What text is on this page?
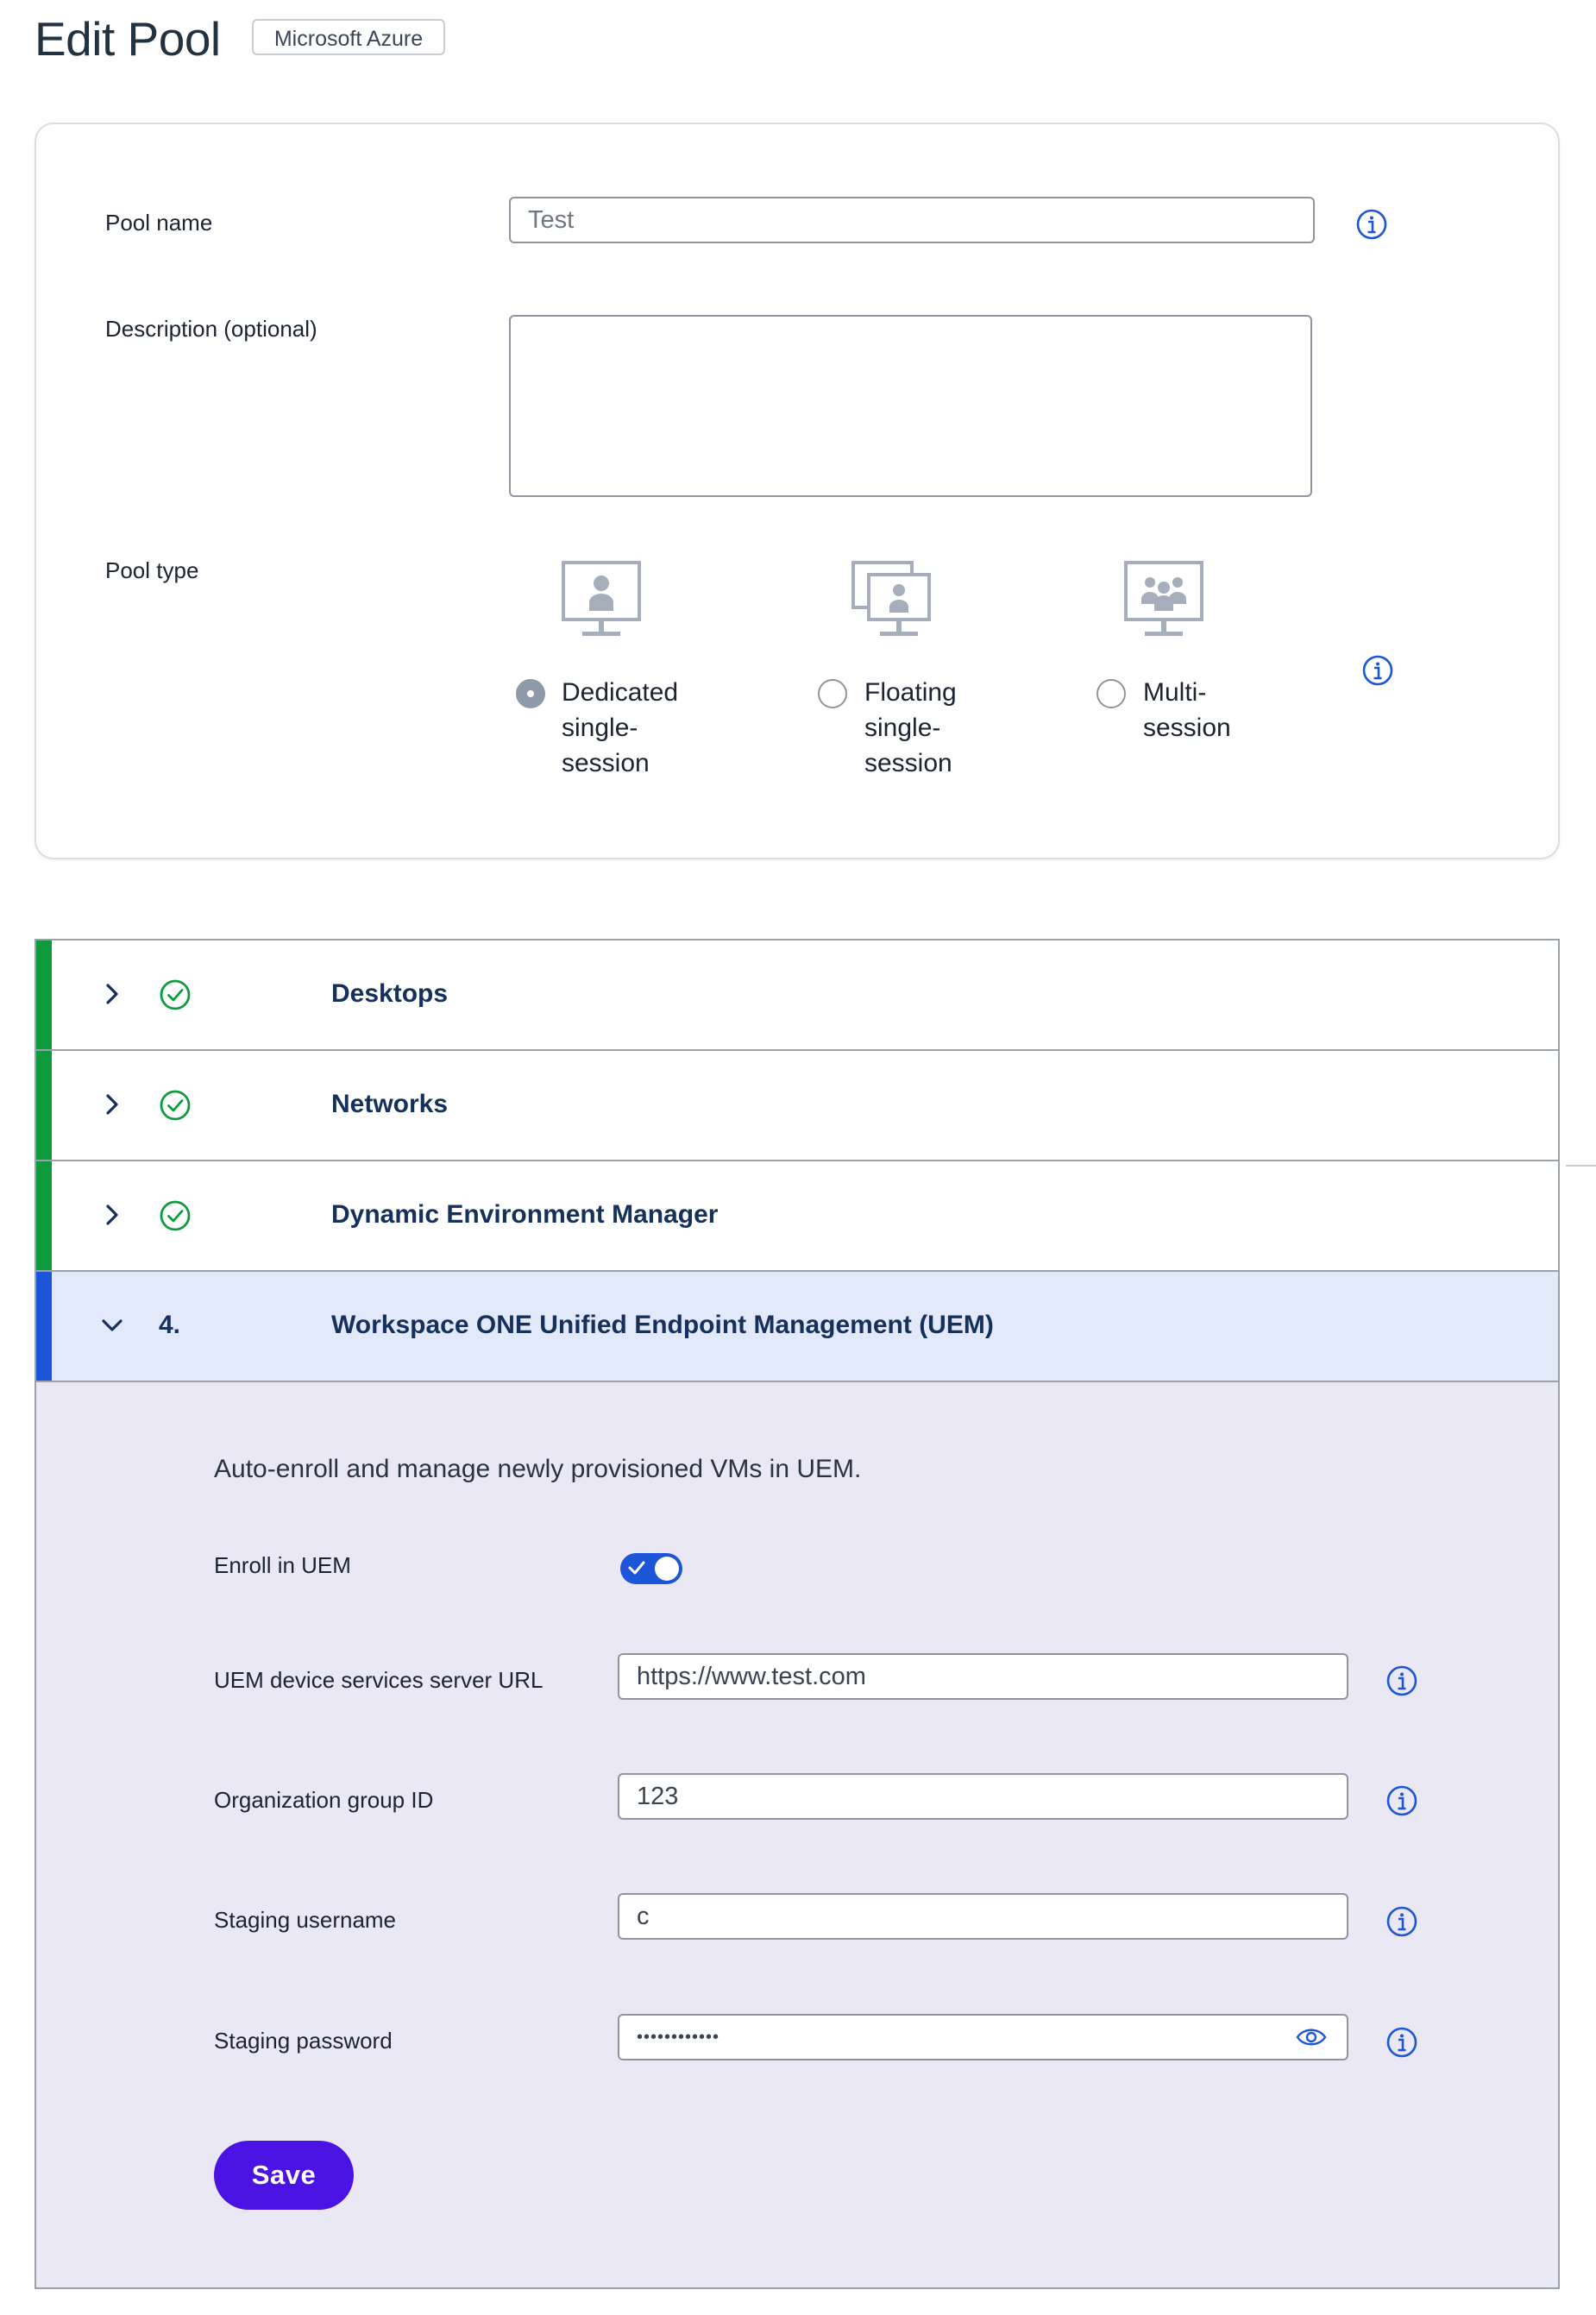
Edit Pool	Microsoft Azure
Pool name	Test
Description (optional)
Pool type
Dedicated
single-
session
Floating
single-
session
Multi-
session
Desktops
Networks
Dynamic Environment Manager
4.	Workspace ONE Unified Endpoint Management (UEM)
Auto-enroll and manage newly provisioned VMs in UEM.
Enroll in UEM
UEM device services server URL	https://www.test.com
Organization group ID	123
Staging username	c
Staging password	••••••••••••
Save
